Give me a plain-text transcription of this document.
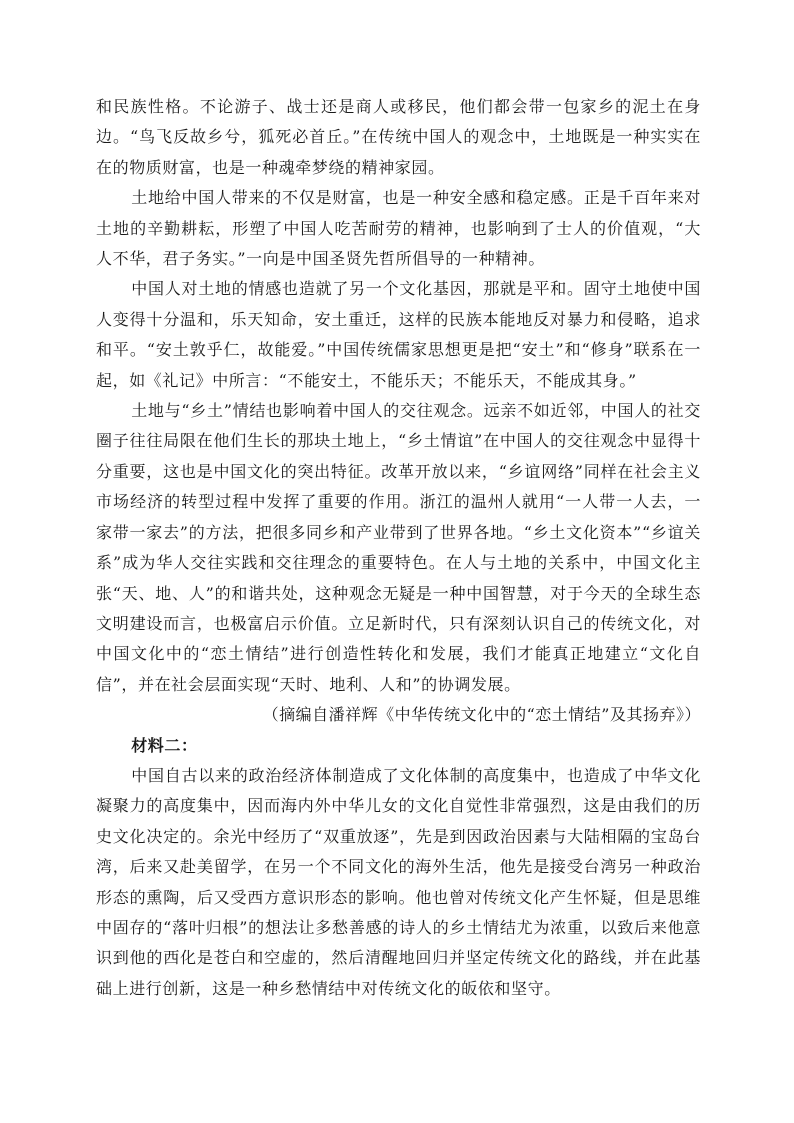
和民族性格。不论游子、战士还是商人或移民，他们都会带一包家乡的泥土在身边。“鸟飞反故乡兮，狐死必首丘。”在传统中国人的观念中，土地既是一种实实在在的物质财富，也是一种魂牵梦绕的精神家园。

土地给中国人带来的不仅是财富，也是一种安全感和稳定感。正是千百年来对土地的辛勤耕耘，形塑了中国人吃苦耐劳的精神，也影响到了士人的价值观，“大人不华，君子务实。”一向是中国圣贤先哲所倡导的一种精神。

中国人对土地的情感也造就了另一个文化基因，那就是平和。固守土地使中国人变得十分温和，乐天知命，安土重迁，这样的民族本能地反对暴力和侵略，追求和平。“安土敦乎仁，故能爱。”中国传统儒家思想更是把“安土”和“修身”联系在一起，如《礼记》中所言：“不能安土，不能乐天；不能乐天，不能成其身。”

土地与“乡土”情结也影响着中国人的交往观念。远亲不如近邻，中国人的社交圈子往往局限在他们生长的那块土地上，“乡土情谊”在中国人的交往观念中显得十分重要，这也是中国文化的突出特征。改革开放以来，“乡谊网络”同样在社会主义市场经济的转型过程中发挥了重要的作用。浙江的温州人就用“一人带一人去，一家带一家去”的方法，把很多同乡和产业带到了世界各地。“乡土文化资本”“乡谊关系”成为华人交往实践和交往理念的重要特色。在人与土地的关系中，中国文化主张“天、地、人”的和谐共处，这种观念无疑是一种中国智慧，对于今天的全球生态文明建设而言，也极富启示价值。立足新时代，只有深刻认识自己的传统文化，对中国文化中的“恋土情结”进行创造性转化和发展，我们才能真正地建立“文化自信”，并在社会层面实现“天时、地利、人和”的协调发展。

（摘编自潘祥辉《中华传统文化中的“恋土情结”及其扬弃》）

材料二：

中国自古以来的政治经济体制造成了文化体制的高度集中，也造成了中华文化凝聚力的高度集中，因而海内外中华儿女的文化自觉性非常强烈，这是由我们的历史文化决定的。余光中经历了“双重放逐”，先是到因政治因素与大陆相隔的宝岛台湾，后来又赴美留学，在另一个不同文化的海外生活，他先是接受台湾另一种政治形态的熏陶，后又受西方意识形态的影响。他也曾对传统文化产生怀疑，但是思维中固存的“落叶归根”的想法让多愁善感的诗人的乡土情结尤为浓重，以致后来他意识到他的西化是苍白和空虚的，然后清醒地回归并坚定传统文化的路线，并在此基础上进行创新，这是一种乡愁情结中对传统文化的皈依和坚守。
